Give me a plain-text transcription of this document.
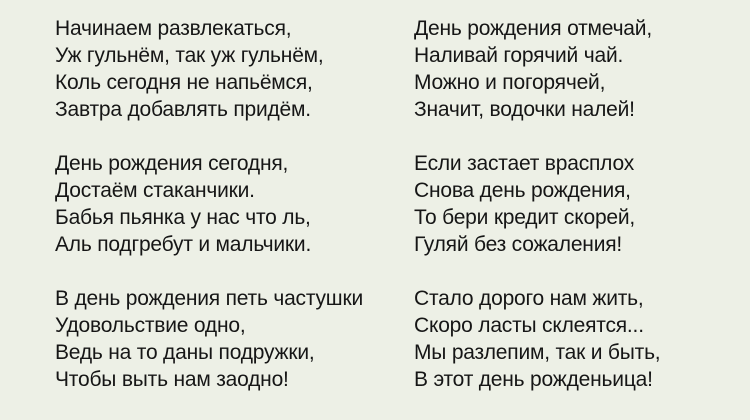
Начинаем развлекаться,
Уж гульнём, так уж гульнём,
Коль сегодня не напьёмся,
Завтра добавлять придём.
День рождения сегодня,
Достаём стаканчики.
Бабья пьянка у нас что ль,
Аль подгребут и мальчики.
В день рождения петь частушки
Удовольствие одно,
Ведь на то даны подружки,
Чтобы выть нам заодно!
День рождения отмечай,
Наливай горячий чай.
Можно и погорячей,
Значит, водочки налей!
Если застает врасплох
Снова день рождения,
То бери кредит скорей,
Гуляй без сожаления!
Стало дорого нам жить,
Скоро ласты склеятся...
Мы разлепим, так и быть,
В этот день рожденьица!
